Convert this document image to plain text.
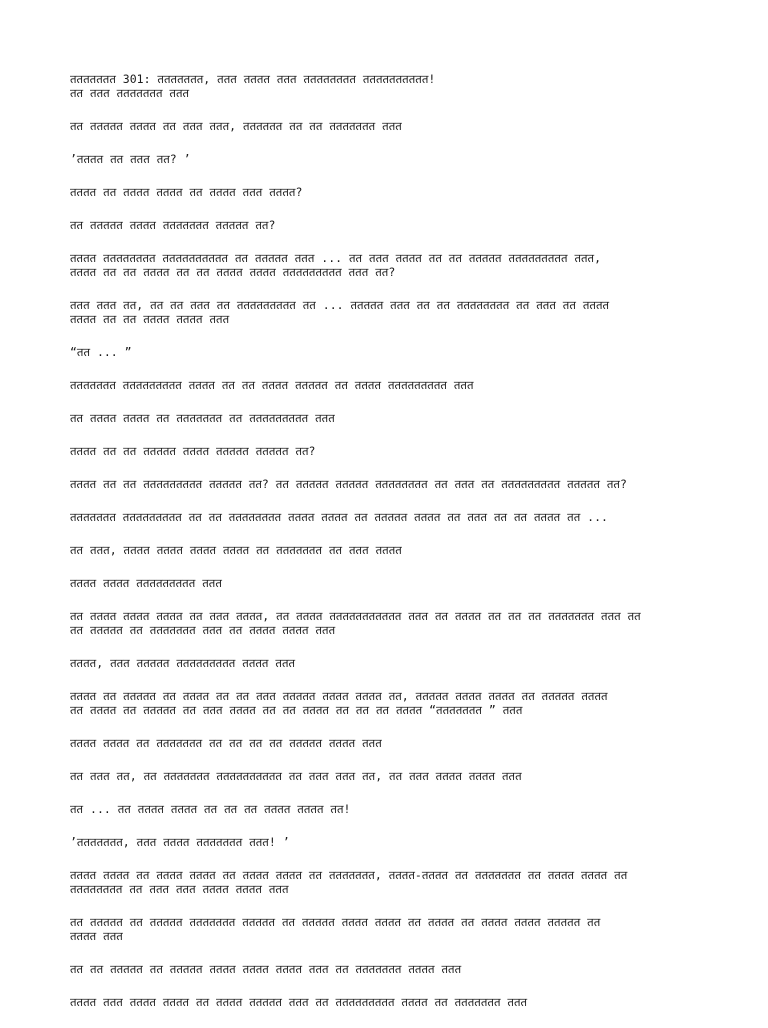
ततततततत 301: ततततततत, ततत तततत ततत तततततततत तततततततततत!
तत ततत ततततततत ततत

तत ततततत तततत तत ततत ततत, तततततत तत तत ततततततत ततत

’तततत तत ततत तत? ’

तततत तत तततत तततत तत तततत ततत तततत?

तत ततततत तततत ततततततत ततततत तत?

तततत तततततततत तततततततततत तत ततततत ततत ... तत ततत तततत तत तत ततततत ततततततततत ततत,
तततत तत तत तततत तत तत तततत तततत ततततततततत ततत तत?

ततत ततत तत, तत तत ततत तत ततततततततत तत ... ततततत ततत तत तत तततततततत तत ततत तत तततत
तततत तत तत तततत तततत ततत

“तत ... ”

ततततततत ततततततततत तततत तत तत तततत ततततत तत तततत ततततततततत ततत

तत तततत तततत तत ततततततत तत ततततततततत ततत

तततत तत तत ततततत तततत ततततत ततततत तत?

तततत तत तत ततततततततत ततततत तत? तत ततततत ततततत तततततततत तत ततत तत ततततततततत ततततत तत?

ततततततत ततततततततत तत तत तततततततत तततत तततत तत ततततत तततत तत ततत तत तत तततत तत ...

तत ततत, तततत तततत तततत तततत तत ततततततत तत ततत तततत

तततत तततत ततततततततत ततत

तत तततत तततत तततत तत ततत तततत, तत तततत ततततततततततत ततत तत तततत तत तत तत ततततततत ततत तत
तत ततततत तत ततततततत ततत तत तततत तततत ततत

तततत, ततत ततततत ततततततततत तततत ततत

तततत तत ततततत तत तततत तत तत ततत ततततत तततत तततत तत, ततततत तततत तततत तत ततततत तततत
तत तततत तत ततततत तत ततत तततत तत तत तततत तत तत तत तततत “ततततततत ” ततत

तततत तततत तत ततततततत तत तत तत तत ततततत तततत ततत

तत ततत तत, तत ततततततत तततततततततत तत ततत ततत तत, तत ततत तततत तततत ततत

तत ... तत तततत तततत तत तत तत तततत तततत तत!

’ततततततत, ततत तततत ततततततत ततत! ’

तततत तततत तत तततत तततत तत तततत तततत तत ततततततत, तततत-तततत तत ततततततत तत तततत तततत तत
तततततततत तत ततत ततत तततत तततत ततत

तत ततततत तत ततततत ततततततत ततततत तत ततततत तततत तततत तत तततत तत तततत तततत ततततत तत
तततत ततत

तत तत ततततत तत ततततत तततत तततत तततत ततत तत ततततततत तततत ततत

तततत ततत तततत तततत तत तततत ततततत ततत तत ततततततततत तततत तत ततततततत ततत
